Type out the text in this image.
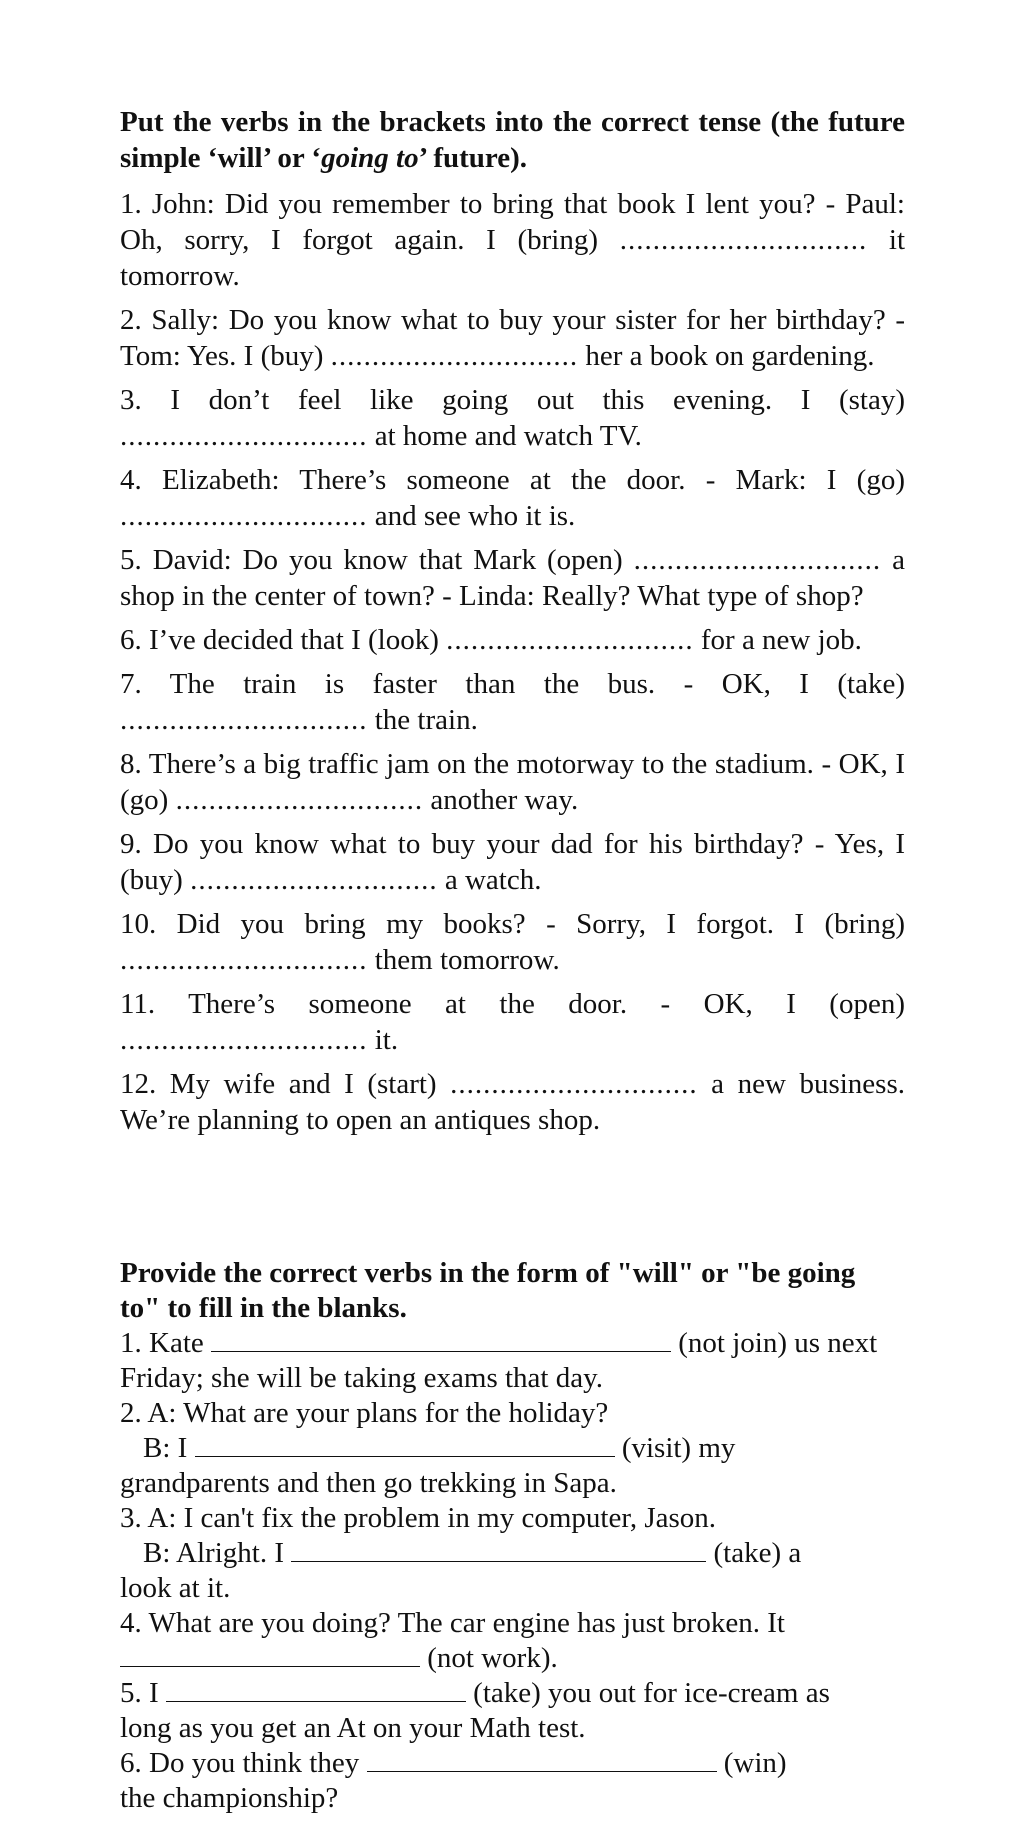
Put the verbs in the brackets into the correct tense (the future simple ‘will’ or ‘going to’ future).
1. John: Did you remember to bring that book I lent you? - Paul: Oh, sorry, I forgot again. I (bring) .............................. it tomorrow.
2. Sally: Do you know what to buy your sister for her birthday? - Tom: Yes. I (buy) .............................. her a book on gardening.
3. I don’t feel like going out this evening. I (stay) .............................. at home and watch TV.
4. Elizabeth: There’s someone at the door. - Mark: I (go) .............................. and see who it is.
5. David: Do you know that Mark (open) .............................. a shop in the center of town? - Linda: Really? What type of shop?
6. I’ve decided that I (look) .............................. for a new job.
7. The train is faster than the bus. - OK, I (take) .............................. the train.
8. There’s a big traffic jam on the motorway to the stadium. - OK, I (go) .............................. another way.
9. Do you know what to buy your dad for his birthday? - Yes, I (buy) .............................. a watch.
10. Did you bring my books? - Sorry, I forgot. I (bring) .............................. them tomorrow.
11. There’s someone at the door. - OK, I (open) .............................. it.
12. My wife and I (start) .............................. a new business. We’re planning to open an antiques shop.
Provide the correct verbs in the form of "will" or "be going
to" to fill in the blanks.
1. Kate	(not join) us next
Friday; she will be taking exams that day.
2. A: What are your plans for the holiday?
B: I	(visit) my
grandparents and then go trekking in Sapa.
3. A: I can't fix the problem in my computer, Jason.
B: Alright. I	(take) a
look at it.
4. What are you doing? The car engine has just broken. It
(not work).
5. I	(take) you out for ice-cream as
long as you get an At on your Math test.
6. Do you think they	(win)
the championship?
